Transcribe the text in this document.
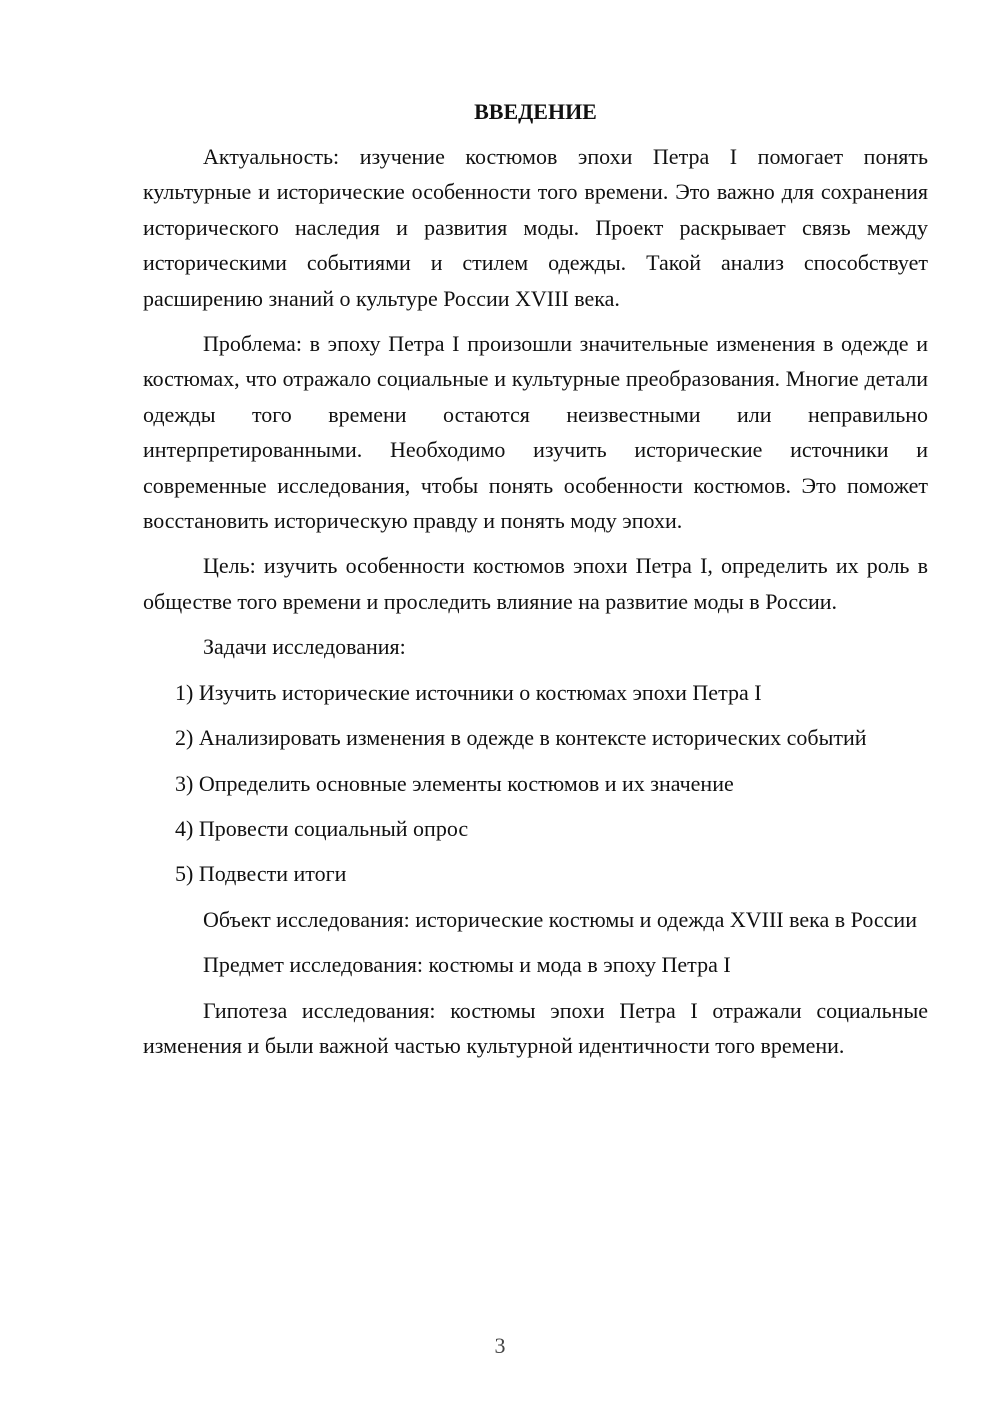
ВВЕДЕНИЕ

Актуальность: изучение костюмов эпохи Петра I помогает понять культурные и исторические особенности того времени. Это важно для сохранения исторического наследия и развития моды. Проект раскрывает связь между историческими событиями и стилем одежды. Такой анализ способствует расширению знаний о культуре России XVIII века.

Проблема: в эпоху Петра I произошли значительные изменения в одежде и костюмах, что отражало социальные и культурные преобразования. Многие детали одежды того времени остаются неизвестными или неправильно интерпретированными. Необходимо изучить исторические источники и современные исследования, чтобы понять особенности костюмов. Это поможет восстановить историческую правду и понять моду эпохи.

Цель: изучить особенности костюмов эпохи Петра I, определить их роль в обществе того времени и проследить влияние на развитие моды в России.

Задачи исследования:

1) Изучить исторические источники о костюмах эпохи Петра I

2) Анализировать изменения в одежде в контексте исторических событий

3) Определить основные элементы костюмов и их значение

4) Провести социальный опрос

5) Подвести итоги

Объект исследования: исторические костюмы и одежда XVIII века в России

Предмет исследования: костюмы и мода в эпоху Петра I

Гипотеза исследования: костюмы эпохи Петра I отражали социальные изменения и были важной частью культурной идентичности того времени.

3
